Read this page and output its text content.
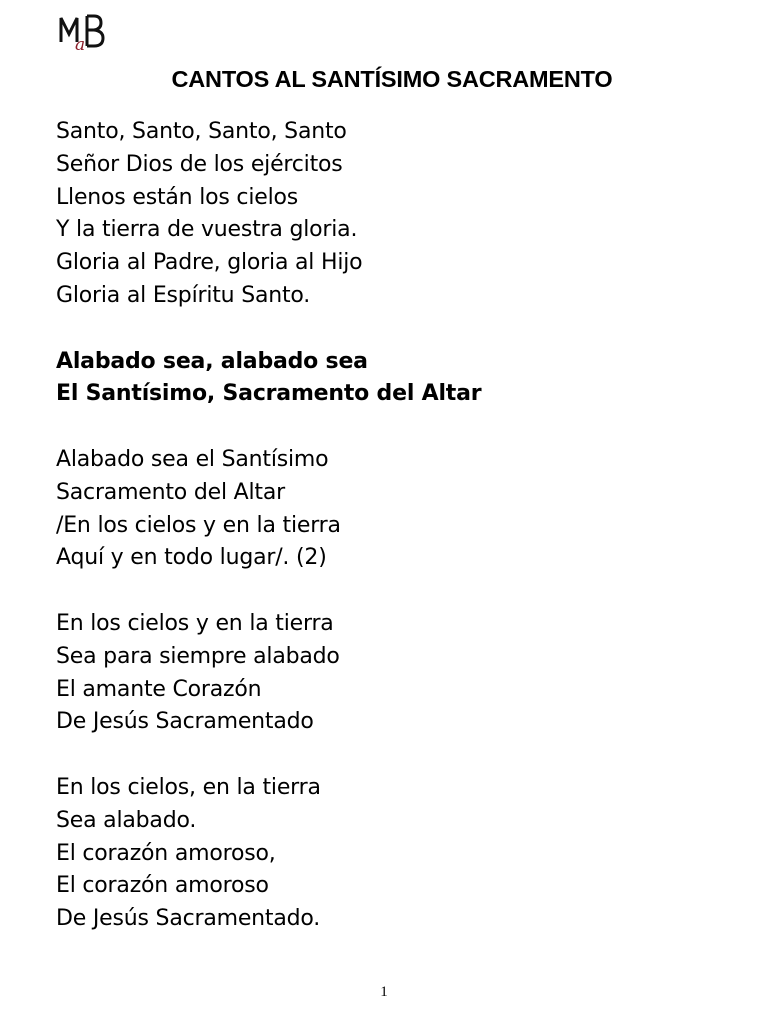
a
CANTOS AL SANTÍSIMO SACRAMENTO
Santo, Santo, Santo, Santo
Señor Dios de los ejércitos
Llenos están los cielos
Y la tierra de vuestra gloria.
Gloria al Padre, gloria al Hijo
Gloria al Espíritu Santo.
Alabado sea, alabado sea
El Santísimo, Sacramento del Altar
Alabado sea el Santísimo
Sacramento del Altar
/En los cielos y en la tierra
Aquí y en todo lugar/. (2)
En los cielos y en la tierra
Sea para siempre alabado
El amante Corazón
De Jesús Sacramentado
En los cielos, en la tierra
Sea alabado.
El corazón amoroso,
El corazón amoroso
De Jesús Sacramentado.
1
